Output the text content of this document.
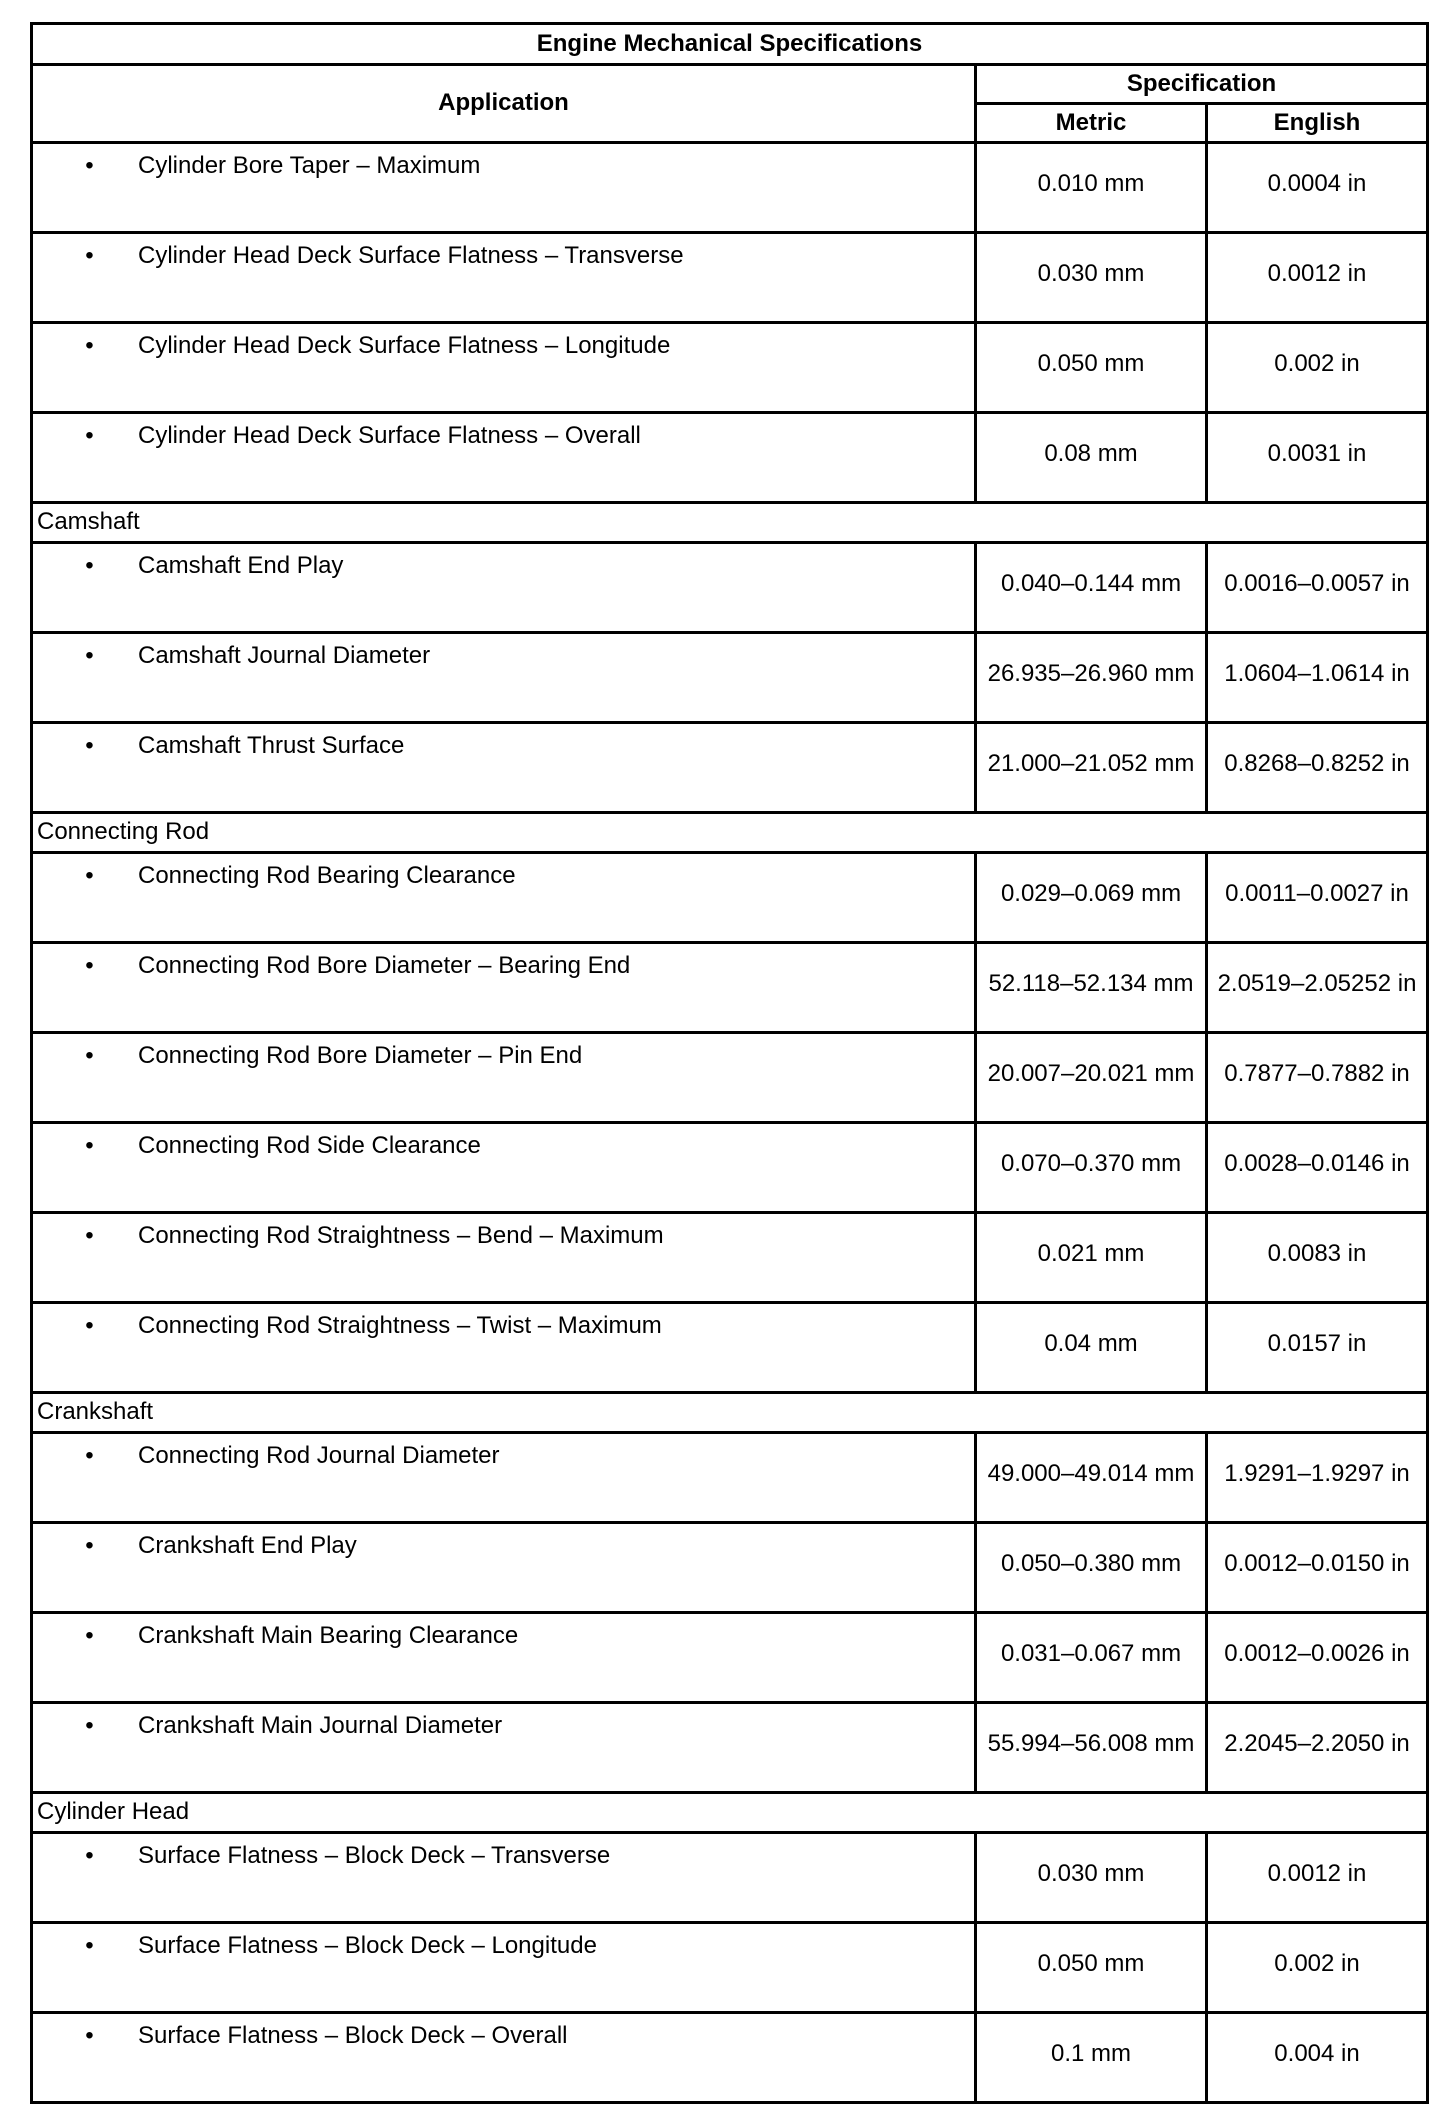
Engine Mechanical Specifications		
Application	Specification	
	Metric	English

• Cylinder Bore Taper – Maximum	0.010 mm	0.0004 in

• Cylinder Head Deck Surface Flatness – Transverse	0.030 mm	0.0012 in

• Cylinder Head Deck Surface Flatness – Longitude	0.050 mm	0.002 in

• Cylinder Head Deck Surface Flatness – Overall	0.08 mm	0.0031 in
Camshaft		

• Camshaft End Play	0.040–0.144 mm	0.0016–0.0057 in

• Camshaft Journal Diameter	26.935–26.960 mm	1.0604–1.0614 in

• Camshaft Thrust Surface	21.000–21.052 mm	0.8268–0.8252 in
Connecting Rod		

• Connecting Rod Bearing Clearance	0.029–0.069 mm	0.0011–0.0027 in

• Connecting Rod Bore Diameter – Bearing End	52.118–52.134 mm	2.0519–2.05252 in

• Connecting Rod Bore Diameter – Pin End	20.007–20.021 mm	0.7877–0.7882 in

• Connecting Rod Side Clearance	0.070–0.370 mm	0.0028–0.0146 in

• Connecting Rod Straightness – Bend – Maximum	0.021 mm	0.0083 in

• Connecting Rod Straightness – Twist – Maximum	0.04 mm	0.0157 in
Crankshaft		

• Connecting Rod Journal Diameter	49.000–49.014 mm	1.9291–1.9297 in

• Crankshaft End Play	0.050–0.380 mm	0.0012–0.0150 in

• Crankshaft Main Bearing Clearance	0.031–0.067 mm	0.0012–0.0026 in

• Crankshaft Main Journal Diameter	55.994–56.008 mm	2.2045–2.2050 in
Cylinder Head		

• Surface Flatness – Block Deck – Transverse	0.030 mm	0.0012 in

• Surface Flatness – Block Deck – Longitude	0.050 mm	0.002 in

• Surface Flatness – Block Deck – Overall	0.1 mm	0.004 in
